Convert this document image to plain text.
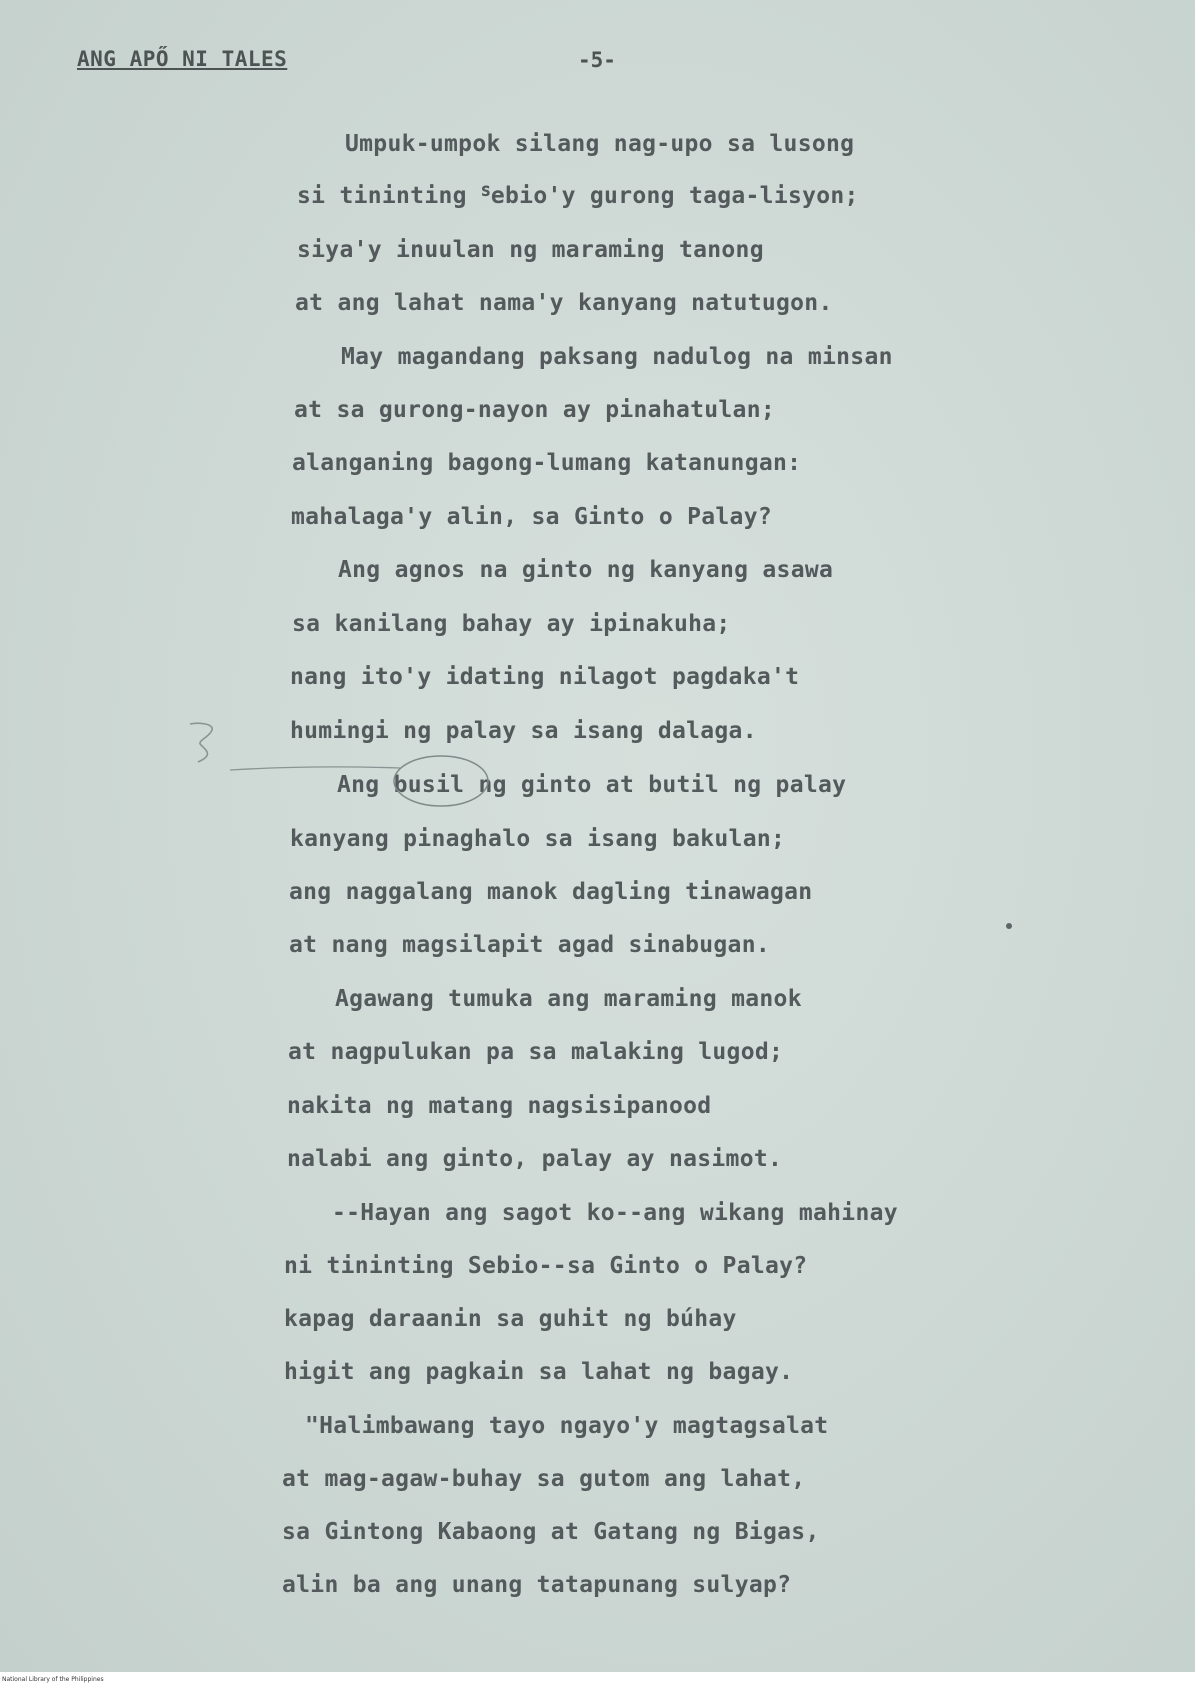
ANG APŐ NI TALES	-5-
Umpuk-umpok silang nag-upo sa lusong
si tininting ᔆebio'y gurong taga-lisyon;
siya'y inuulan ng maraming tanong
at ang lahat nama'y kanyang natutugon.
May magandang paksang nadulog na minsan
at sa gurong-nayon ay pinahatulan;
alanganing bagong-lumang katanungan:
mahalaga'y alin, sa Ginto o Palay?
Ang agnos na ginto ng kanyang asawa
sa kanilang bahay ay ipinakuha;
nang ito'y idating nilagot pagdaka't
humingi ng palay sa isang dalaga.
Ang busil ng ginto at butil ng palay
kanyang pinaghalo sa isang bakulan;
ang naggalang manok dagling tinawagan
at nang magsilapit agad sinabugan.
Agawang tumuka ang maraming manok
at nagpulukan pa sa malaking lugod;
nakita ng matang nagsisipanood
nalabi ang ginto, palay ay nasimot.
--Hayan ang sagot ko--ang wikang mahinay
ni tininting Sebio--sa Ginto o Palay?
kapag daraanin sa guhit ng búhay
higit ang pagkain sa lahat ng bagay.
"Halimbawang tayo ngayo'y magtagsalat
at mag-agaw-buhay sa gutom ang lahat,
sa Gintong Kabaong at Gatang ng Bigas,
alin ba ang unang tatapunang sulyap?
National Library of the Philippines
